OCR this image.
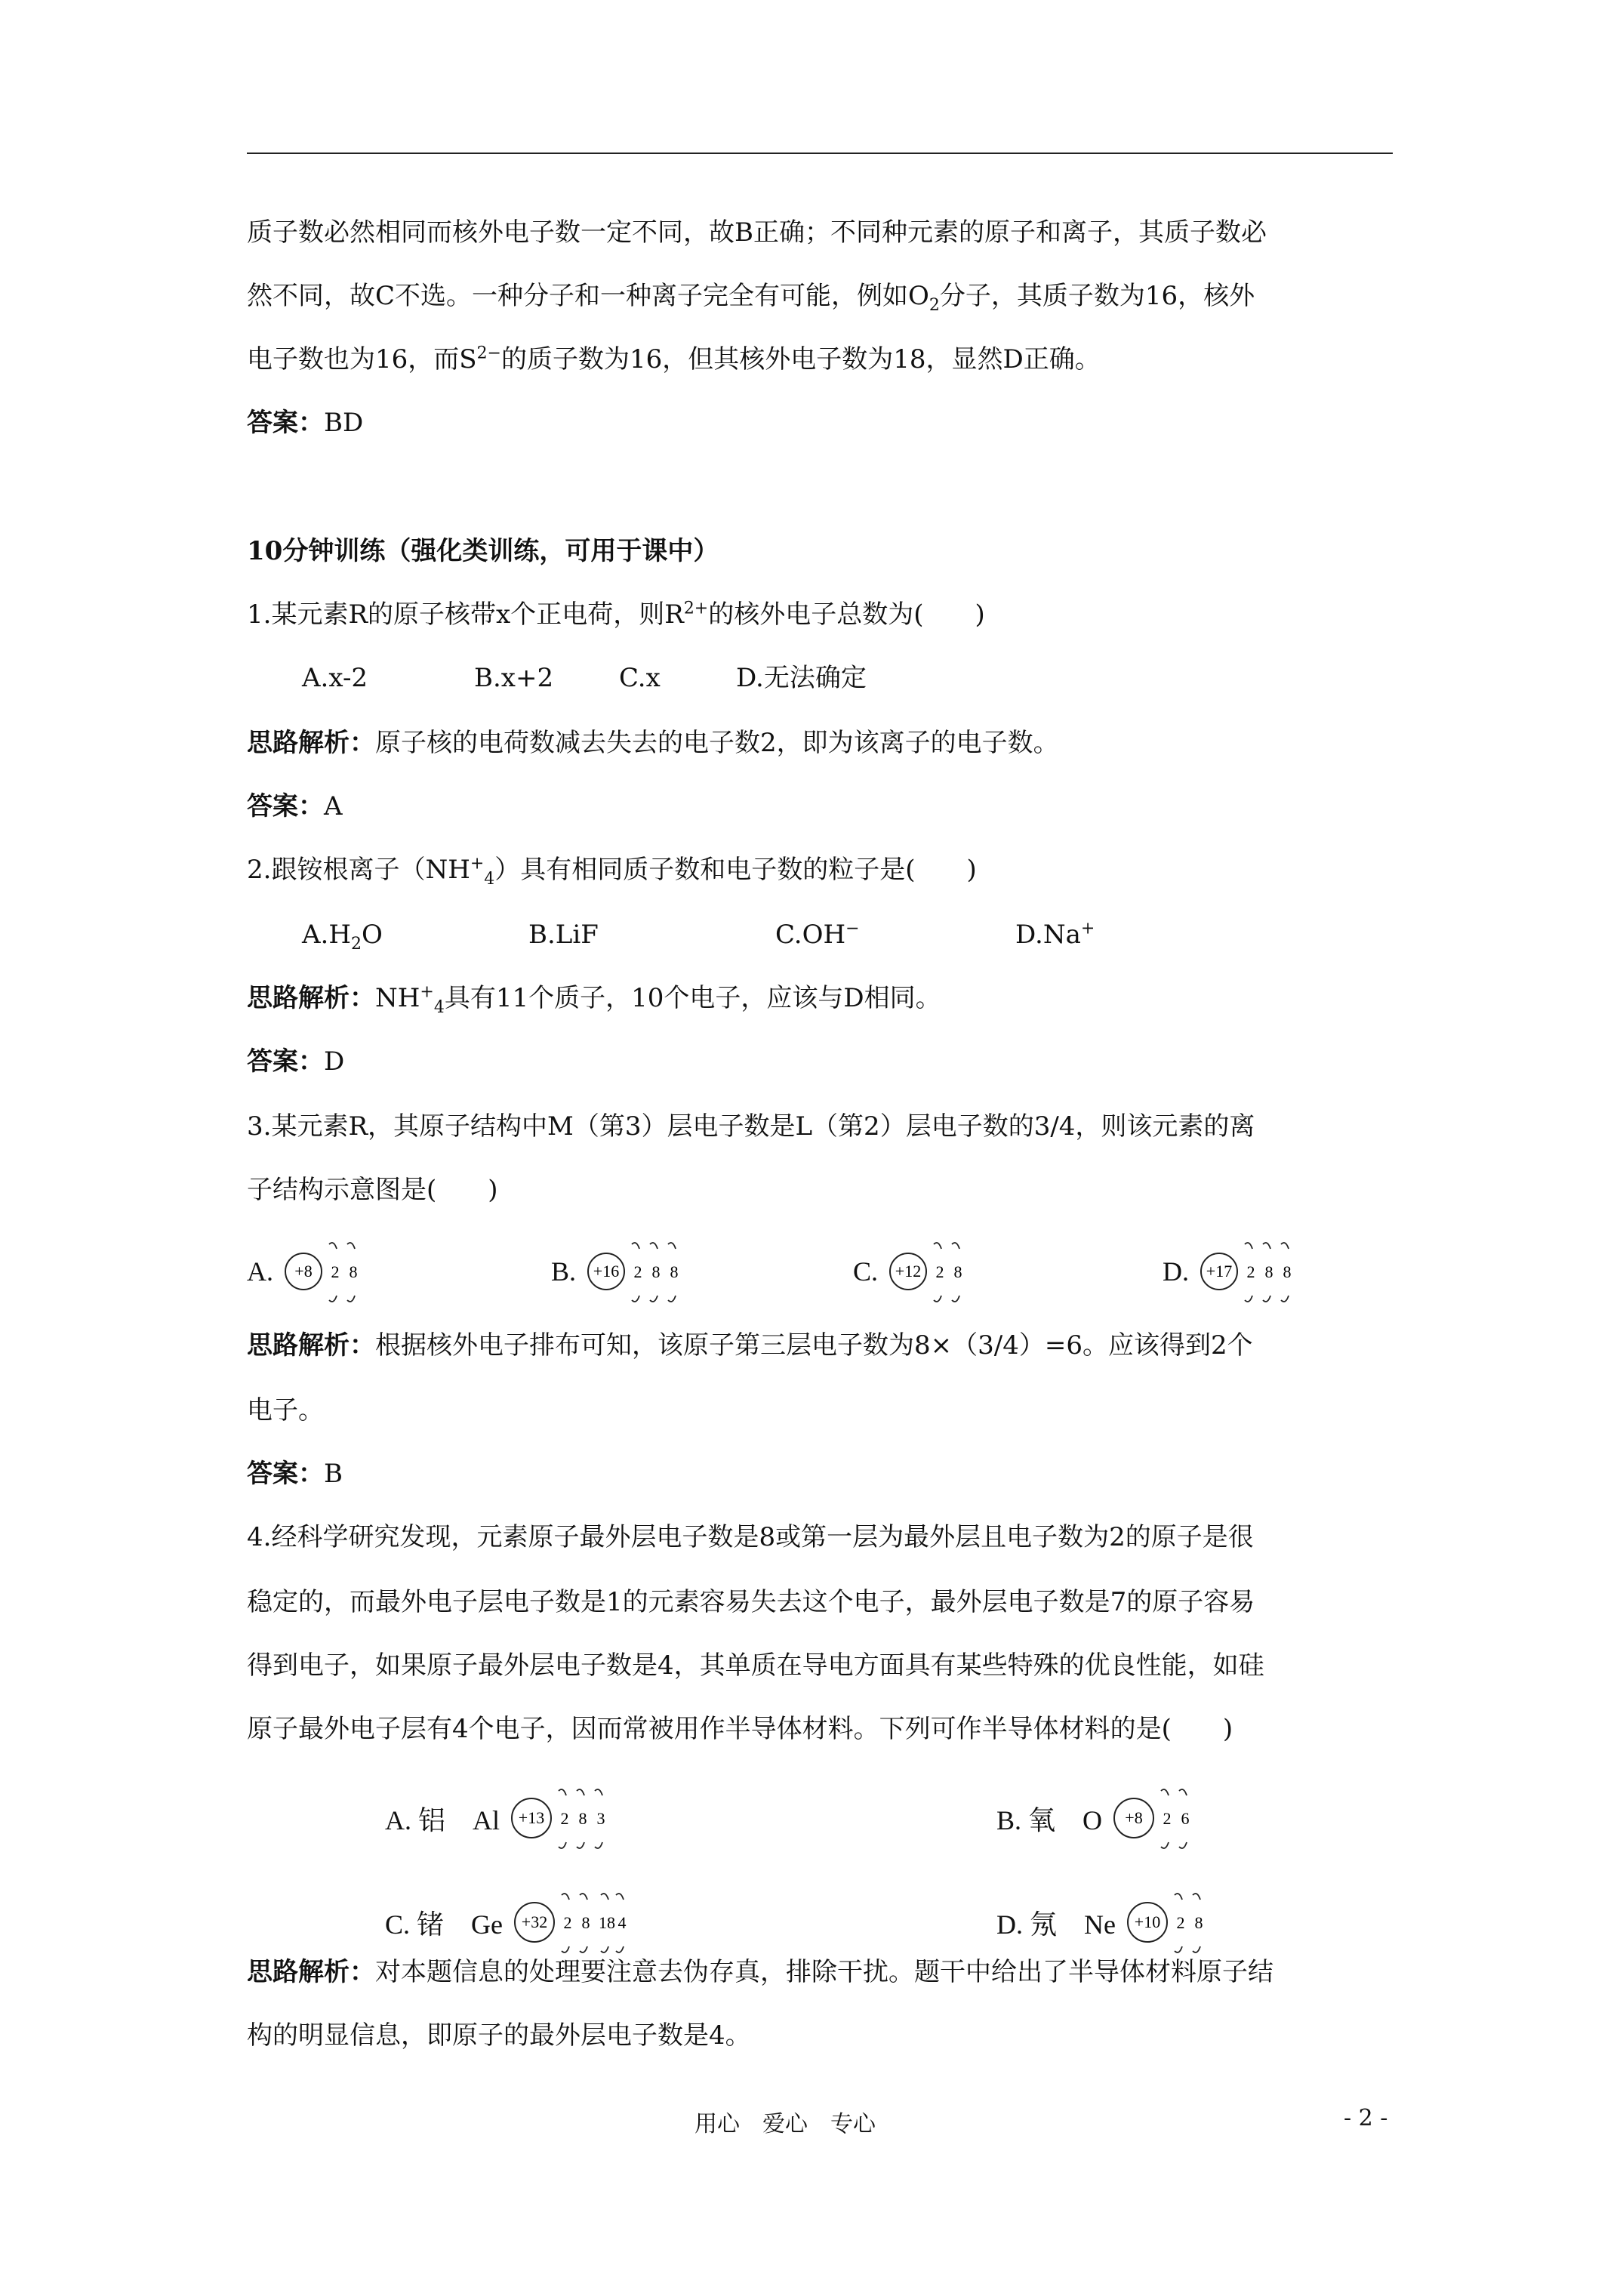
质子数必然相同而核外电子数一定不同，故B正确；不同种元素的原子和离子，其质子数必
然不同，故C不选。一种分子和一种离子完全有可能，例如$O_2$分子，其质子数为16，核外
电子数也为16，而$S^{2-}$的质子数为16，但其核外电子数为18，显然D正确。
答案：BD
10分钟训练（强化类训练，可用于课中）
1.某元素R的原子核带x个正电荷，则$R^{2+}$的核外电子总数为(　　)
A.x-2	B.x+2	C.x	D.无法确定
思路解析：原子核的电荷数减去失去的电子数2，即为该离子的电子数。
答案：A
2.跟铵根离子$(NH^+_4)$具有相同质子数和电子数的粒子是(　　)
$A.H_2O$	B.LiF	C.OH−	D.Na+
思路解析：$NH^+_4$具有11个质子，10个电子，应该与D相同。
答案：D
3.某元素R，其原子结构中M（第3）层电子数是L（第2）层电子数的3/4，则该元素的离
子结构示意图是(　　)
A. +8 2 8	B. +16 2 8 8	C. +12 2 8	D. +17 2 8 8
思路解析：根据核外电子排布可知，该原子第三层电子数为8×（3/4）=6。应该得到2个
电子。
答案：B
4.经科学研究发现，元素原子最外层电子数是8或第一层为最外层且电子数为2的原子是很
稳定的，而最外电子层电子数是1的元素容易失去这个电子，最外层电子数是7的原子容易
得到电子，如果原子最外层电子数是4，其单质在导电方面具有某些特殊的优良性能，如硅
原子最外电子层有4个电子，因而常被用作半导体材料。下列可作半导体材料的是(　　)
A. 铝　Al +13 2 8 3	B. 氧　O +8 2 6
C. 锗　Ge +32 2 8 18 4	D. 氖　Ne +10 2 8
思路解析：对本题信息的处理要注意去伪存真，排除干扰。题干中给出了半导体材料原子结
构的明显信息，即原子的最外层电子数是4。
用心　爱心　专心	- 2 -
